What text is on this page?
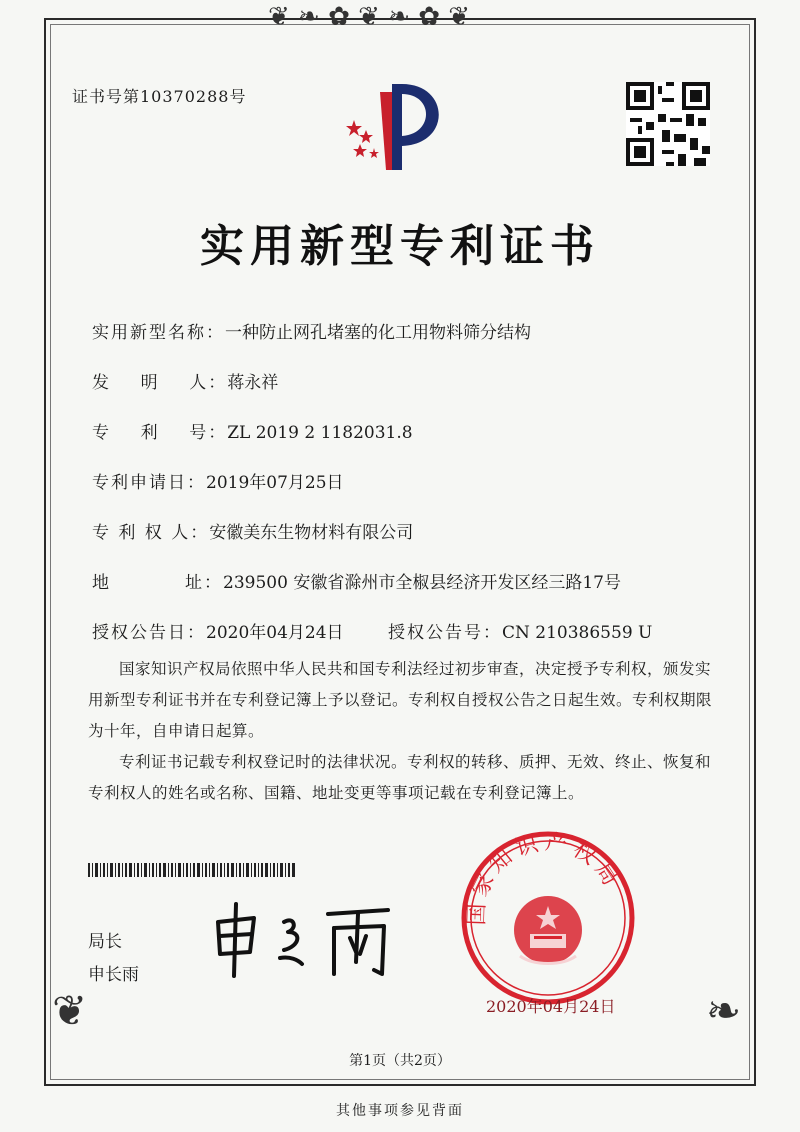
❦ ❧ ✿ ❦ ❧ ✿ ❦
❦	❧
证书号第10370288号
实用新型专利证书
实用新型名称：一种防止网孔堵塞的化工用物料筛分结构
发    明    人：蒋永祥
专    利    号：ZL 2019 2 1182031.8
专利申请日：2019年07月25日
专 利 权 人：安徽美东生物材料有限公司
地          址：239500 安徽省滁州市全椒县经济开发区经三路17号
授权公告日：2020年04月24日	授权公告号：CN 210386559 U

国家知识产权局依照中华人民共和国专利法经过初步审查，决定授予专利权，颁发实用新型专利证书并在专利登记簿上予以登记。专利权自授权公告之日起生效。专利权期限为十年，自申请日起算。

专利证书记载专利权登记时的法律状况。专利权的转移、质押、无效、终止、恢复和专利权人的姓名或名称、国籍、地址变更等事项记载在专利登记簿上。

局长
申长雨
国家知识产权局
2020年04月24日
第1页（共2页）
其他事项参见背面
